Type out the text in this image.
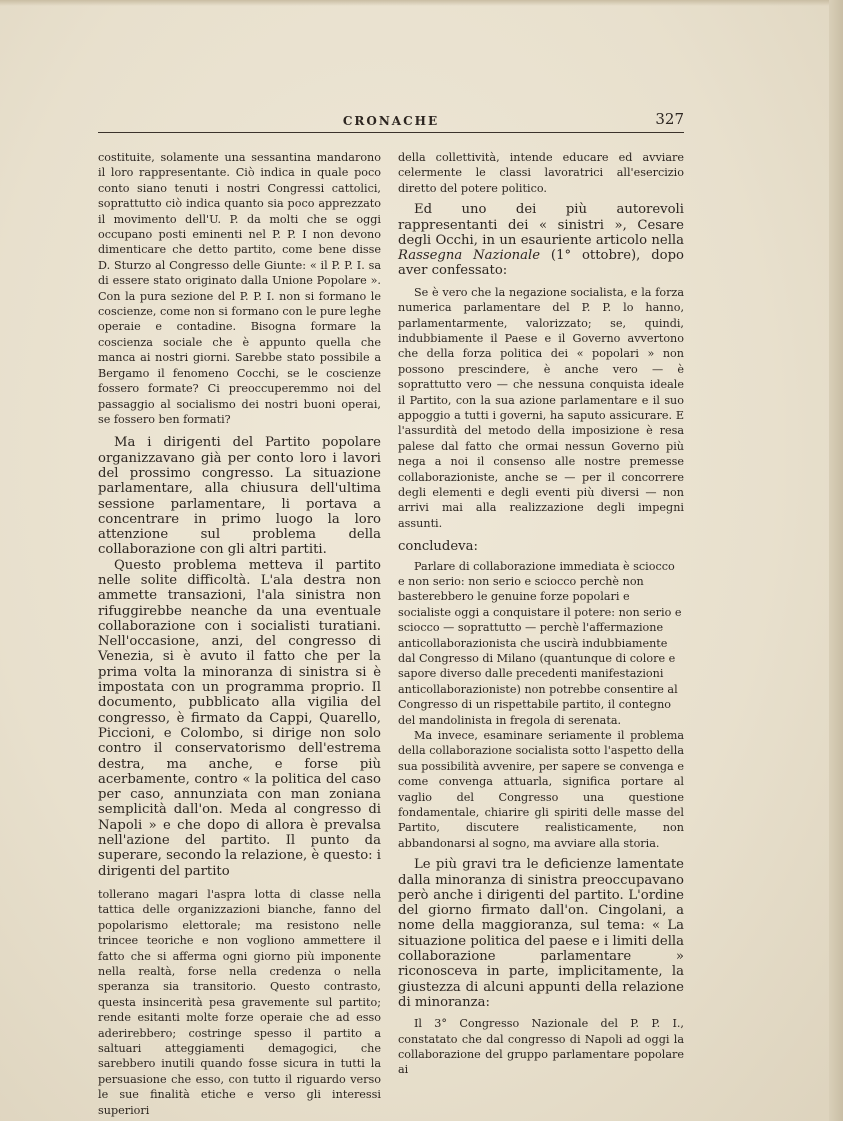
CRONACHE	327

costituite, solamente una sessantina mandarono il loro rappresentante. Ciò indica in quale poco conto siano tenuti i nostri Congressi cattolici, soprattutto ciò indica quanto sia poco apprezzato il movimento dell'U. P. da molti che se oggi occupano posti eminenti nel P. P. I non devono dimenticare che detto partito, come bene disse D. Sturzo al Congresso delle Giunte: « il P. P. I. sa di essere stato originato dalla Unione Popolare ». Con la pura sezione del P. P. I. non si formano le coscienze, come non si formano con le pure leghe operaie e contadine. Bisogna formare la coscienza sociale che è appunto quella che manca ai nostri giorni. Sarebbe stato possibile a Bergamo il fenomeno Cocchi, se le coscienze fossero formate? Ci preoccuperemmo noi del passaggio al socialismo dei nostri buoni operai, se fossero ben formati?

Ma i dirigenti del Partito popolare organizzavano già per conto loro i lavori del prossimo congresso. La situazione parlamentare, alla chiusura dell'ultima sessione parlamentare, li portava a concentrare in primo luogo la loro attenzione sul problema della collaborazione con gli altri partiti.

Questo problema metteva il partito nelle solite difficoltà. L'ala destra non ammette transazioni, l'ala sinistra non rifuggirebbe neanche da una eventuale collaborazione con i socialisti turatiani. Nell'occasione, anzi, del congresso di Venezia, si è avuto il fatto che per la prima volta la minoranza di sinistra si è impostata con un programma proprio. Il documento, pubblicato alla vigilia del congresso, è firmato da Cappi, Quarello, Piccioni, e Colombo, si dirige non solo contro il conservatorismo dell'estrema destra, ma anche, e forse più acerbamente, contro « la politica del caso per caso, annunziata con man zoniana semplicità dall'on. Meda al congresso di Napoli » e che dopo di allora è prevalsa nell'azione del partito. Il punto da superare, secondo la relazione, è questo: i dirigenti del partito

tollerano magari l'aspra lotta di classe nella tattica delle organizzazioni bianche, fanno del popolarismo elettorale; ma resistono nelle trincee teoriche e non vogliono ammettere il fatto che si afferma ogni giorno più imponente nella realtà, forse nella credenza o nella speranza sia transitorio. Questo contrasto, questa insincerità pesa gravemente sul partito; rende esitanti molte forze operaie che ad esso aderirebbero; costringe spesso il partito a saltuari atteggiamenti demagogici, che sarebbero inutili quando fosse sicura in tutti la persuasione che esso, con tutto il riguardo verso le sue finalità etiche e verso gli interessi superiori

della collettività, intende educare ed avviare celermente le classi lavoratrici all'esercizio diretto del potere politico.

Ed uno dei più autorevoli rappresentanti dei « sinistri », Cesare degli Occhi, in un esauriente articolo nella Rassegna Nazionale (1° ottobre), dopo aver confessato:

Se è vero che la negazione socialista, e la forza numerica parlamentare del P. P. lo hanno, parlamentarmente, valorizzato; se, quindi, indubbiamente il Paese e il Governo avvertono che della forza politica dei « popolari » non possono prescindere, è anche vero — è soprattutto vero — che nessuna conquista ideale il Partito, con la sua azione parlamentare e il suo appoggio a tutti i governi, ha saputo assicurare. E l'assurdità del metodo della imposizione è resa palese dal fatto che ormai nessun Governo più nega a noi il consenso alle nostre premesse collaborazioniste, anche se — per il concorrere degli elementi e degli eventi più diversi — non arrivi mai alla realizzazione degli impegni assunti.

concludeva:

Parlare di collaborazione immediata è sciocco e non serio: non serio e sciocco perchè non basterebbero le genuine forze popolari e socialiste oggi a conquistare il potere: non serio e sciocco — soprattutto — perchè l'affermazione anticollaborazionista che uscirà indubbiamente dal Congresso di Milano (quantunque di colore e sapore diverso dalle precedenti manifestazioni anticollaborazioniste) non potrebbe consentire al Congresso di un rispettabile partito, il contegno del mandolinista in fregola di serenata.

Ma invece, esaminare seriamente il problema della collaborazione socialista sotto l'aspetto della sua possibilità avvenire, per sapere se convenga e come convenga attuarla, significa portare al vaglio del Congresso una questione fondamentale, chiarire gli spiriti delle masse del Partito, discutere realisticamente, non abbandonarsi al sogno, ma avviare alla storia.

Le più gravi tra le deficienze lamentate dalla minoranza di sinistra preoccupavano però anche i dirigenti del partito. L'ordine del giorno firmato dall'on. Cingolani, a nome della maggioranza, sul tema: « La situazione politica del paese e i limiti della collaborazione parlamentare » riconosceva in parte, implicitamente, la giustezza di alcuni appunti della relazione di minoranza:

Il 3° Congresso Nazionale del P. P. I., constatato che dal congresso di Napoli ad oggi la collaborazione del gruppo parlamentare popolare ai
